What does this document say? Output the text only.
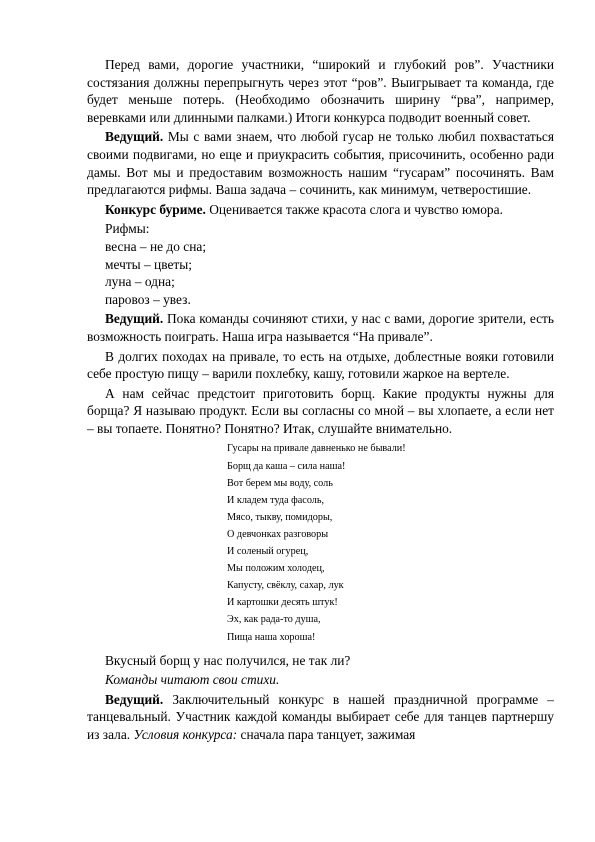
Перед вами, дорогие участники, “широкий и глубокий ров”. Участники состязания должны перепрыгнуть через этот “ров”. Выигрывает та команда, где будет меньше потерь. (Необходимо обозначить ширину “рва”, например, веревками или длинными палками.) Итоги конкурса подводит военный совет.

Ведущий. Мы с вами знаем, что любой гусар не только любил похвастаться своими подвигами, но еще и приукрасить события, присочинить, особенно ради дамы. Вот мы и предоставим возможность нашим “гусарам” посочинять. Вам предлагаются рифмы. Ваша задача – сочинить, как минимум, четверостишие.

Конкурс буриме. Оценивается также красота слога и чувство юмора.

Рифмы:
весна – не до сна;
мечты – цветы;
луна – одна;
паровоз – увез.

Ведущий. Пока команды сочиняют стихи, у нас с вами, дорогие зрители, есть возможность поиграть. Наша игра называется “На привале”.

В долгих походах на привале, то есть на отдыхе, доблестные вояки готовили себе простую пищу – варили похлебку, кашу, готовили жаркое на вертеле.

А нам сейчас предстоит приготовить борщ. Какие продукты нужны для борща? Я называю продукт. Если вы согласны со мной – вы хлопаете, а если нет – вы топаете. Понятно? Понятно? Итак, слушайте внимательно.

Гусары на привале давненько не бывали!
Борщ да каша – сила наша!
Вот берем мы воду, соль
И кладем туда фасоль,
Мясо, тыкву, помидоры,
О девчонках разговоры
И соленый огурец,
Мы положим холодец,
Капусту, свёклу, сахар, лук
И картошки десять штук!
Эх, как рада-то душа,
Пища наша хороша!

Вкусный борщ у нас получился, не так ли?

Команды читают свои стихи.

Ведущий. Заключительный конкурс в нашей праздничной программе – танцевальный. Участник каждой команды выбирает себе для танцев партнершу из зала. Условия конкурса: сначала пара танцует, зажимая
